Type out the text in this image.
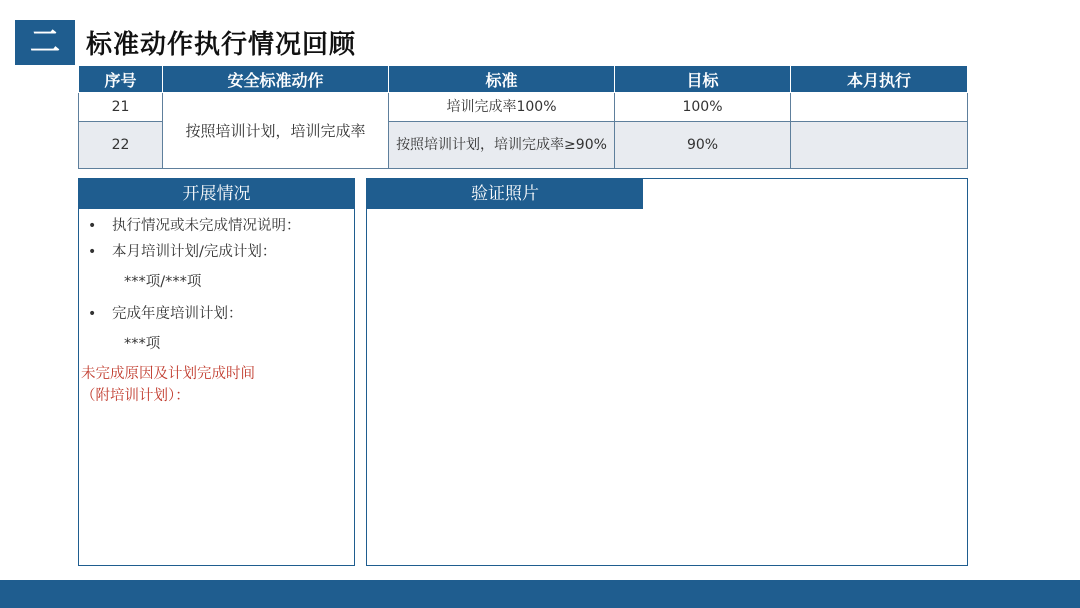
二	标准动作执行情况回顾
序号	安全标准动作	标准	目标	本月执行
21	按照培训计划，培训完成率	培训完成率100%	100%	
22		按照培训计划，培训完成率≥90%	90%	
开展情况
• 执行情况或未完成情况说明：
• 本月培训计划/完成计划：
***项/***项
• 完成年度培训计划：
***项
未完成原因及计划完成时间
（附培训计划）：
验证照片
